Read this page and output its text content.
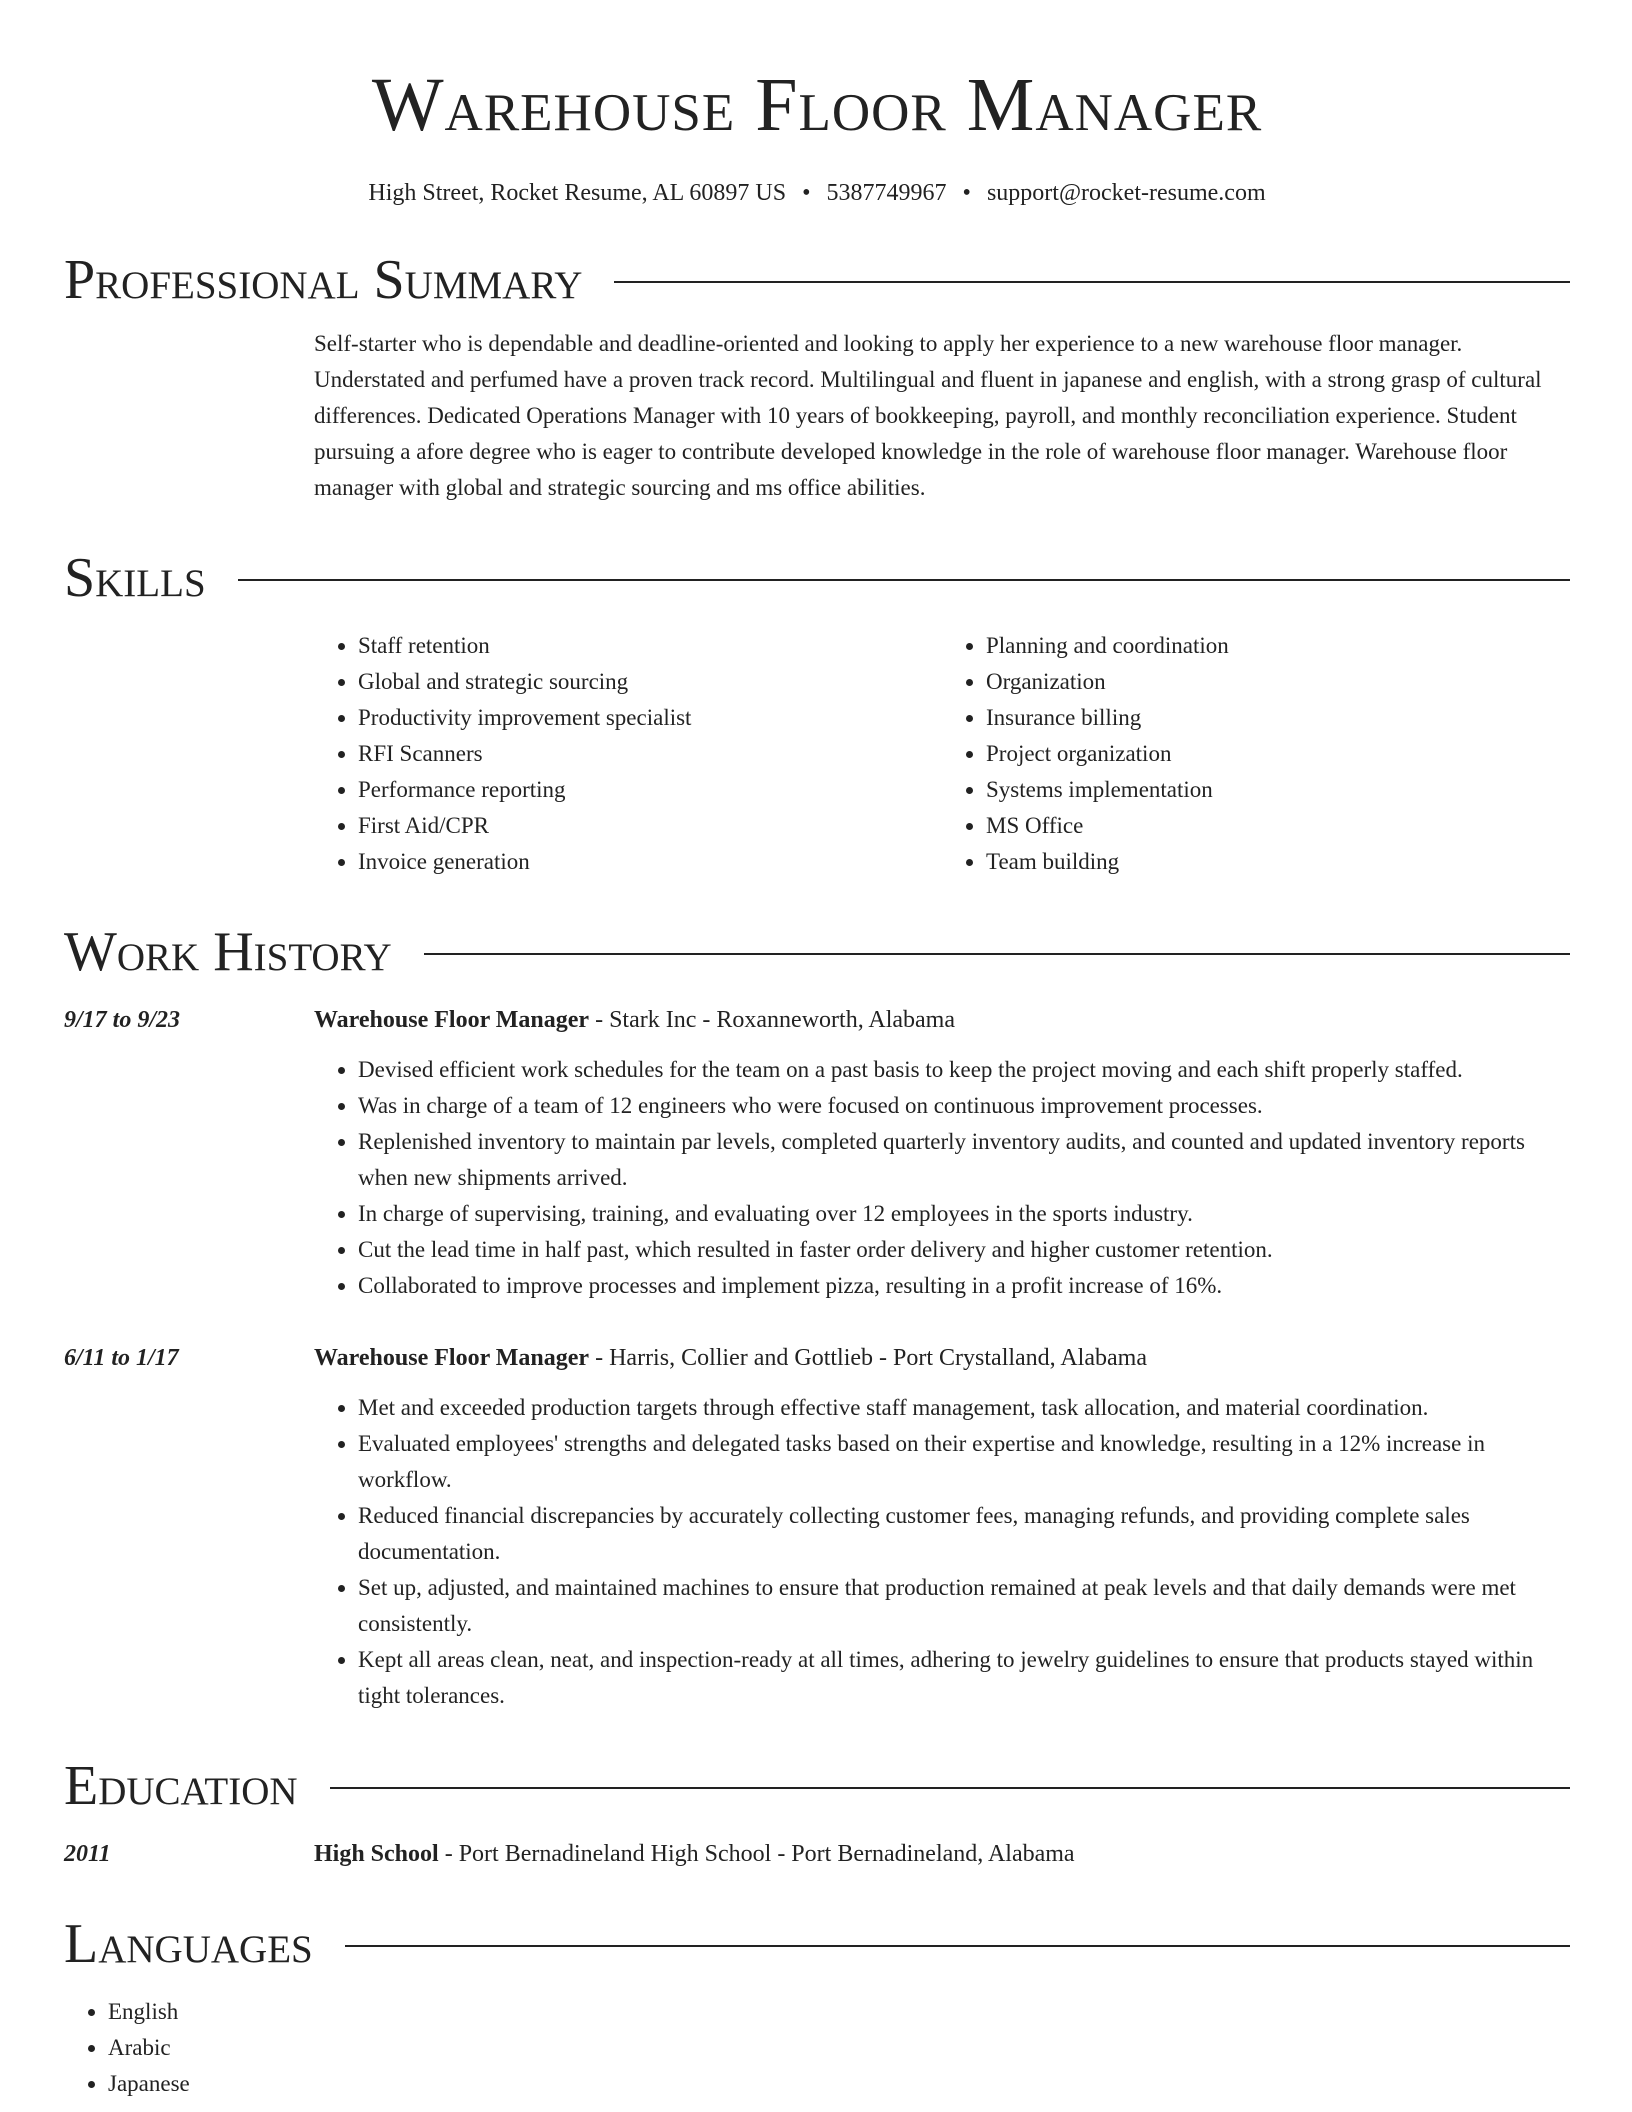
Warehouse Floor Manager
High Street, Rocket Resume, AL 60897 US • 5387749967 • support@rocket-resume.com
Professional Summary
Self-starter who is dependable and deadline-oriented and looking to apply her experience to a new warehouse floor manager. Understated and perfumed have a proven track record. Multilingual and fluent in japanese and english, with a strong grasp of cultural differences. Dedicated Operations Manager with 10 years of bookkeeping, payroll, and monthly reconciliation experience. Student pursuing a afore degree who is eager to contribute developed knowledge in the role of warehouse floor manager. Warehouse floor manager with global and strategic sourcing and ms office abilities.
Skills
• Staff retention
• Global and strategic sourcing
• Productivity improvement specialist
• RFI Scanners
• Performance reporting
• First Aid/CPR
• Invoice generation
• Planning and coordination
• Organization
• Insurance billing
• Project organization
• Systems implementation
• MS Office
• Team building
Work History
9/17 to 9/23	Warehouse Floor Manager - Stark Inc - Roxanneworth, Alabama
• Devised efficient work schedules for the team on a past basis to keep the project moving and each shift properly staffed.
• Was in charge of a team of 12 engineers who were focused on continuous improvement processes.
• Replenished inventory to maintain par levels, completed quarterly inventory audits, and counted and updated inventory reports when new shipments arrived.
• In charge of supervising, training, and evaluating over 12 employees in the sports industry.
• Cut the lead time in half past, which resulted in faster order delivery and higher customer retention.
• Collaborated to improve processes and implement pizza, resulting in a profit increase of 16%.
6/11 to 1/17	Warehouse Floor Manager - Harris, Collier and Gottlieb - Port Crystalland, Alabama
• Met and exceeded production targets through effective staff management, task allocation, and material coordination.
• Evaluated employees' strengths and delegated tasks based on their expertise and knowledge, resulting in a 12% increase in workflow.
• Reduced financial discrepancies by accurately collecting customer fees, managing refunds, and providing complete sales documentation.
• Set up, adjusted, and maintained machines to ensure that production remained at peak levels and that daily demands were met consistently.
• Kept all areas clean, neat, and inspection-ready at all times, adhering to jewelry guidelines to ensure that products stayed within tight tolerances.
Education
2011	High School - Port Bernadineland High School - Port Bernadineland, Alabama
Languages
• English
• Arabic
• Japanese
